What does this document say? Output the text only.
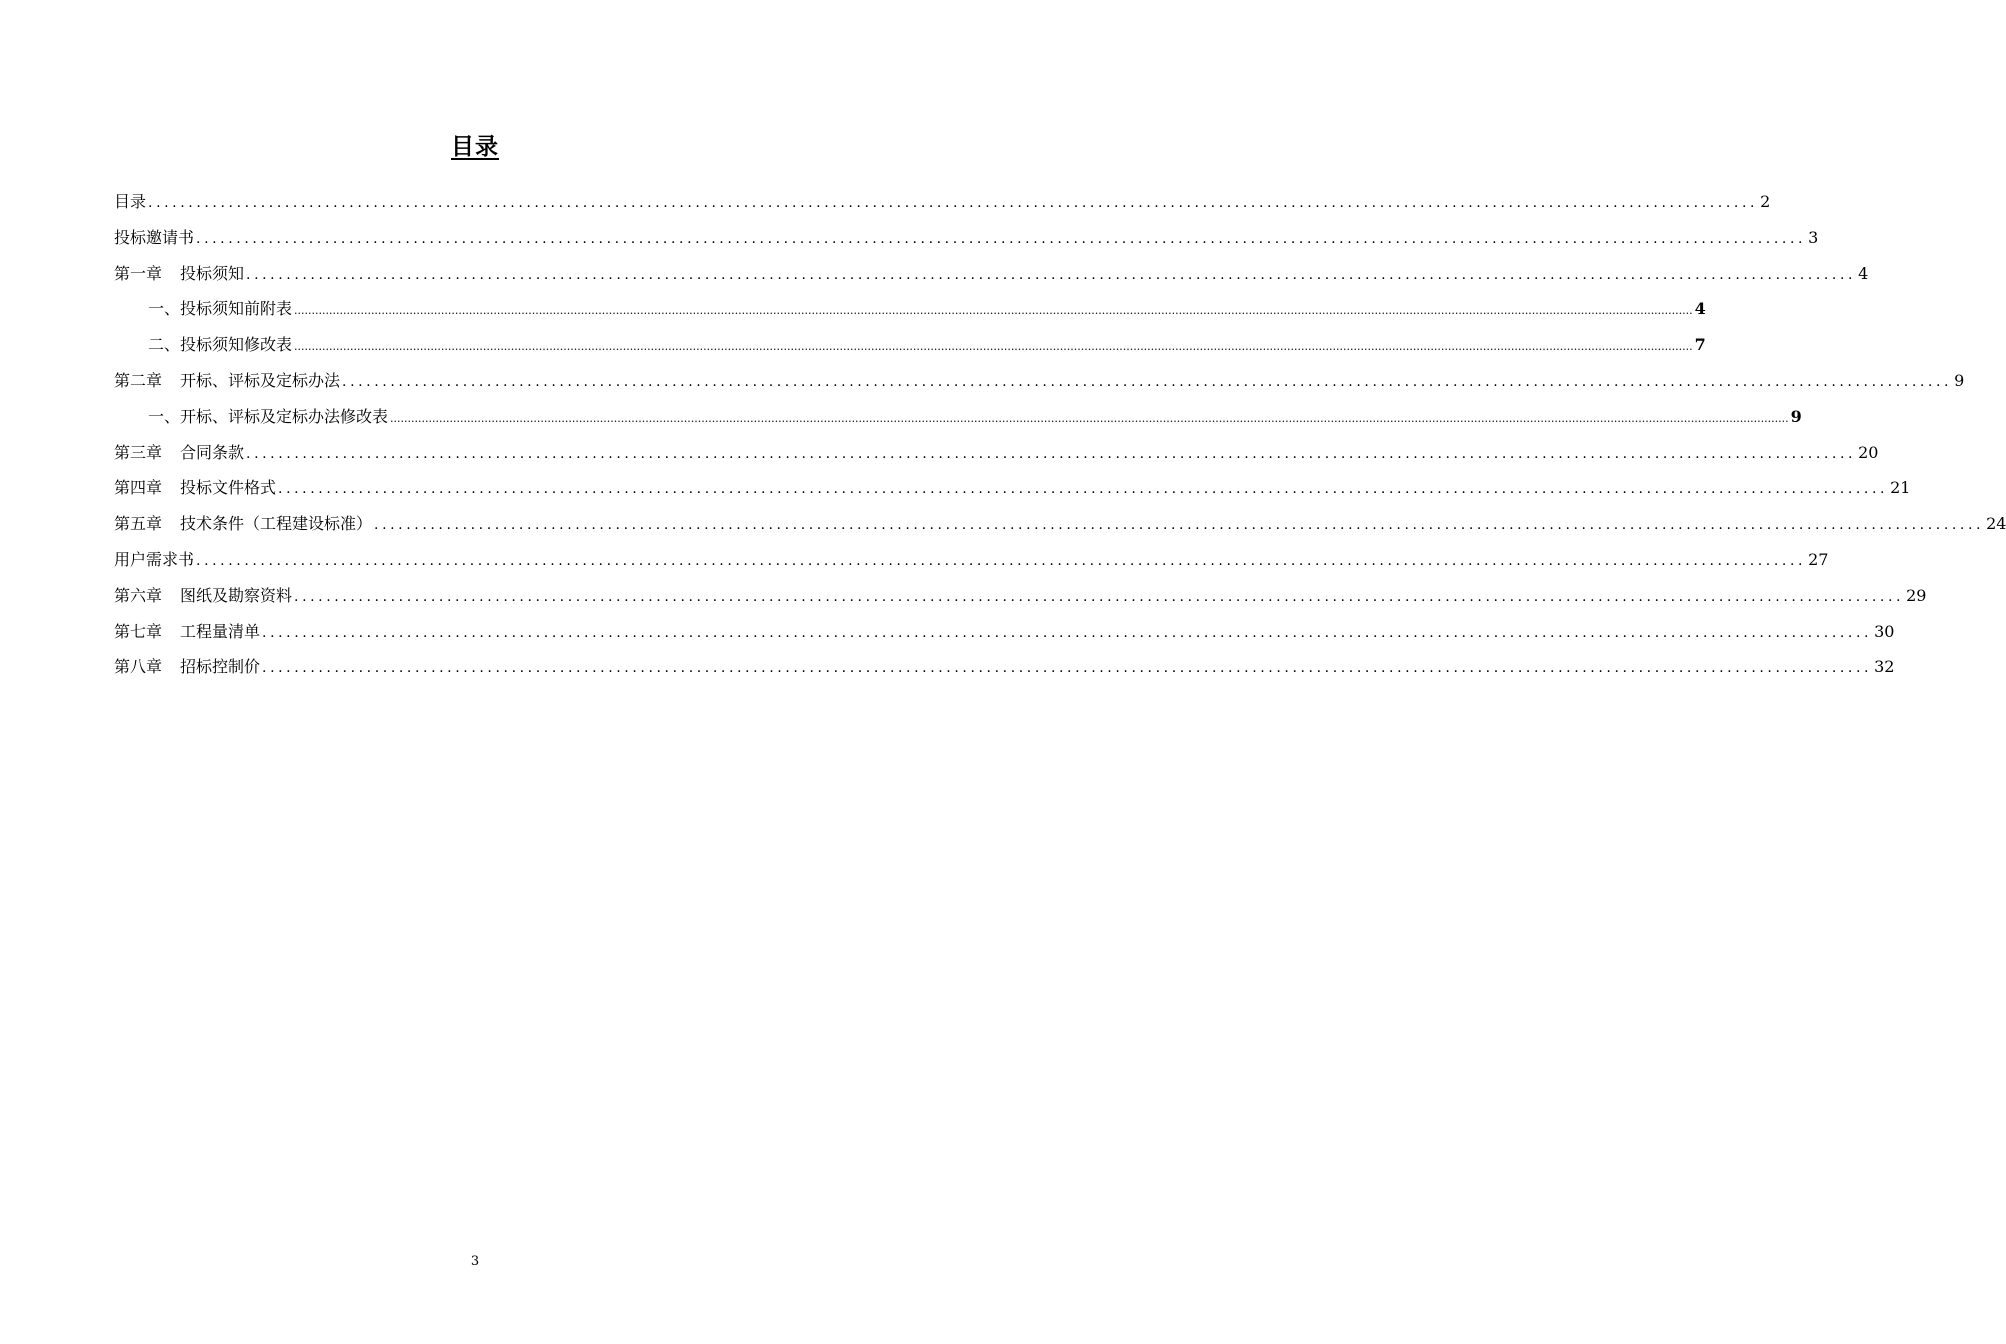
目录
目录 ........................................................................................................................................................................................................ 2
投标邀请书 ........................................................................................................................................................................................................ 3
第一章 投标须知 ........................................................................................................................................................................................................ 4
一、投标须知前附表 ................................................................................................................................................................................................................................................................................................................................................................................................................ 4
二、投标须知修改表 ................................................................................................................................................................................................................................................................................................................................................................................................................ 7
第二章 开标、评标及定标办法 ........................................................................................................................................................................................................ 9
一、开标、评标及定标办法修改表 ................................................................................................................................................................................................................................................................................................................................................................................................................ 9
第三章 合同条款 ........................................................................................................................................................................................................ 20
第四章 投标文件格式 ........................................................................................................................................................................................................ 21
第五章 技术条件（工程建设标准） ........................................................................................................................................................................................................ 24
用户需求书 ........................................................................................................................................................................................................ 27
第六章 图纸及勘察资料 ........................................................................................................................................................................................................ 29
第七章 工程量清单 ........................................................................................................................................................................................................ 30
第八章 招标控制价 ........................................................................................................................................................................................................ 32
3
